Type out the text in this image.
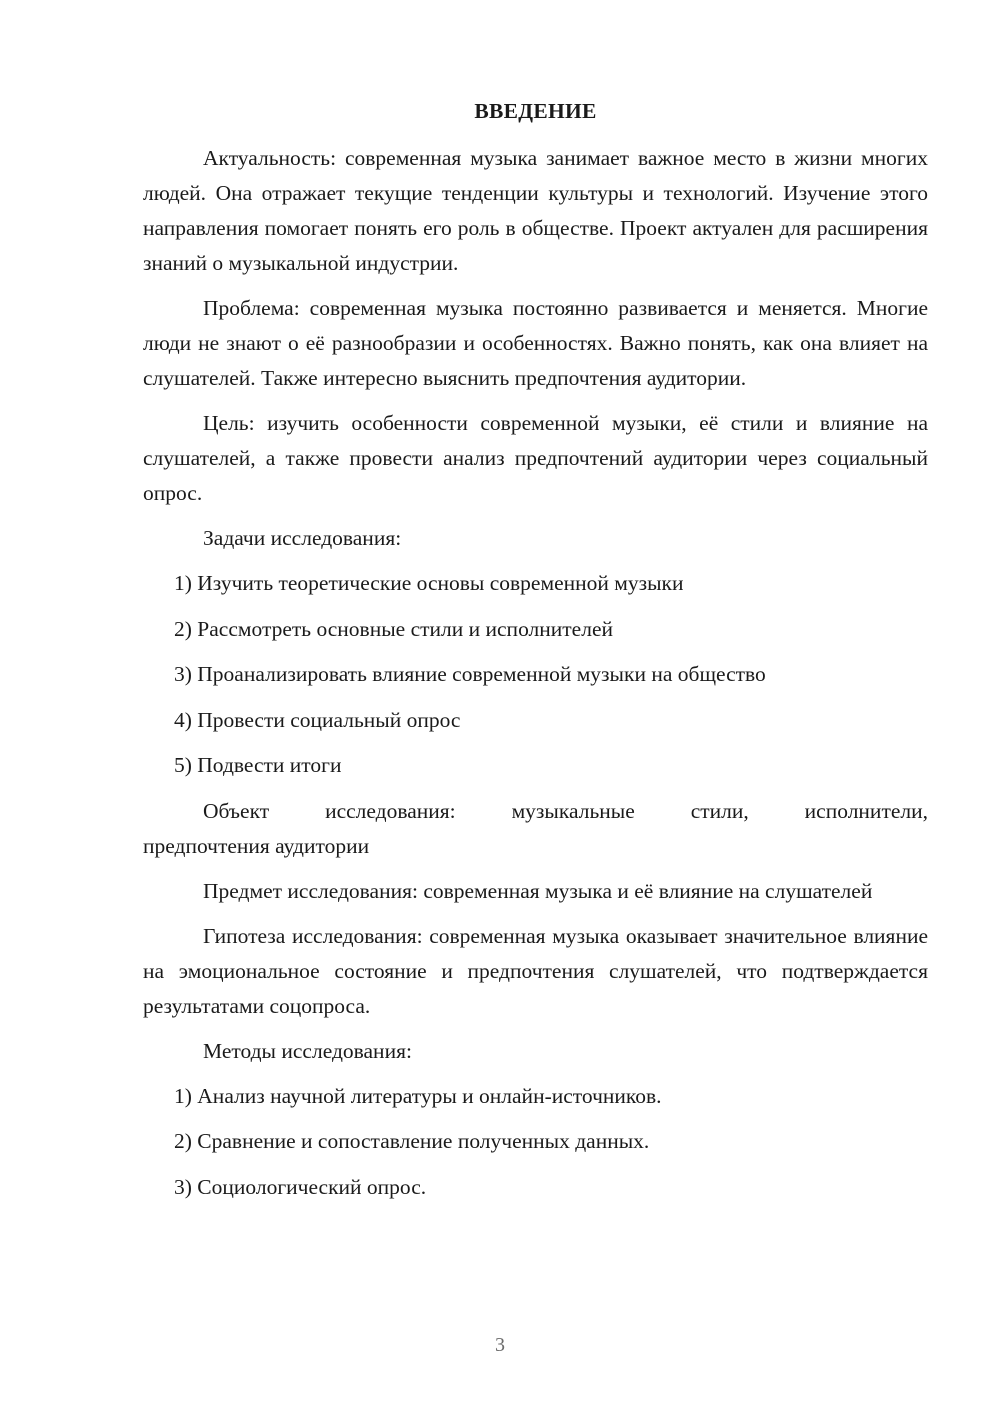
ВВЕДЕНИЕ

Актуальность: современная музыка занимает важное место в жизни многих людей. Она отражает текущие тенденции культуры и технологий. Изучение этого направления помогает понять его роль в обществе. Проект актуален для расширения знаний о музыкальной индустрии.

Проблема: современная музыка постоянно развивается и меняется. Многие люди не знают о её разнообразии и особенностях. Важно понять, как она влияет на слушателей. Также интересно выяснить предпочтения аудитории.

Цель: изучить особенности современной музыки, её стили и влияние на слушателей, а также провести анализ предпочтений аудитории через социальный опрос.

Задачи исследования:

1) Изучить теоретические основы современной музыки
2) Рассмотреть основные стили и исполнителей
3) Проанализировать влияние современной музыки на общество
4) Провести социальный опрос
5) Подвести итоги
Объект исследования: музыкальные стили, исполнители,
предпочтения аудитории

Предмет исследования: современная музыка и её влияние на слушателей

Гипотеза исследования: современная музыка оказывает значительное влияние на эмоциональное состояние и предпочтения слушателей, что подтверждается результатами соцопроса.

Методы исследования:

1) Анализ научной литературы и онлайн-источников.
2) Сравнение и сопоставление полученных данных.
3) Социологический опрос.
3
